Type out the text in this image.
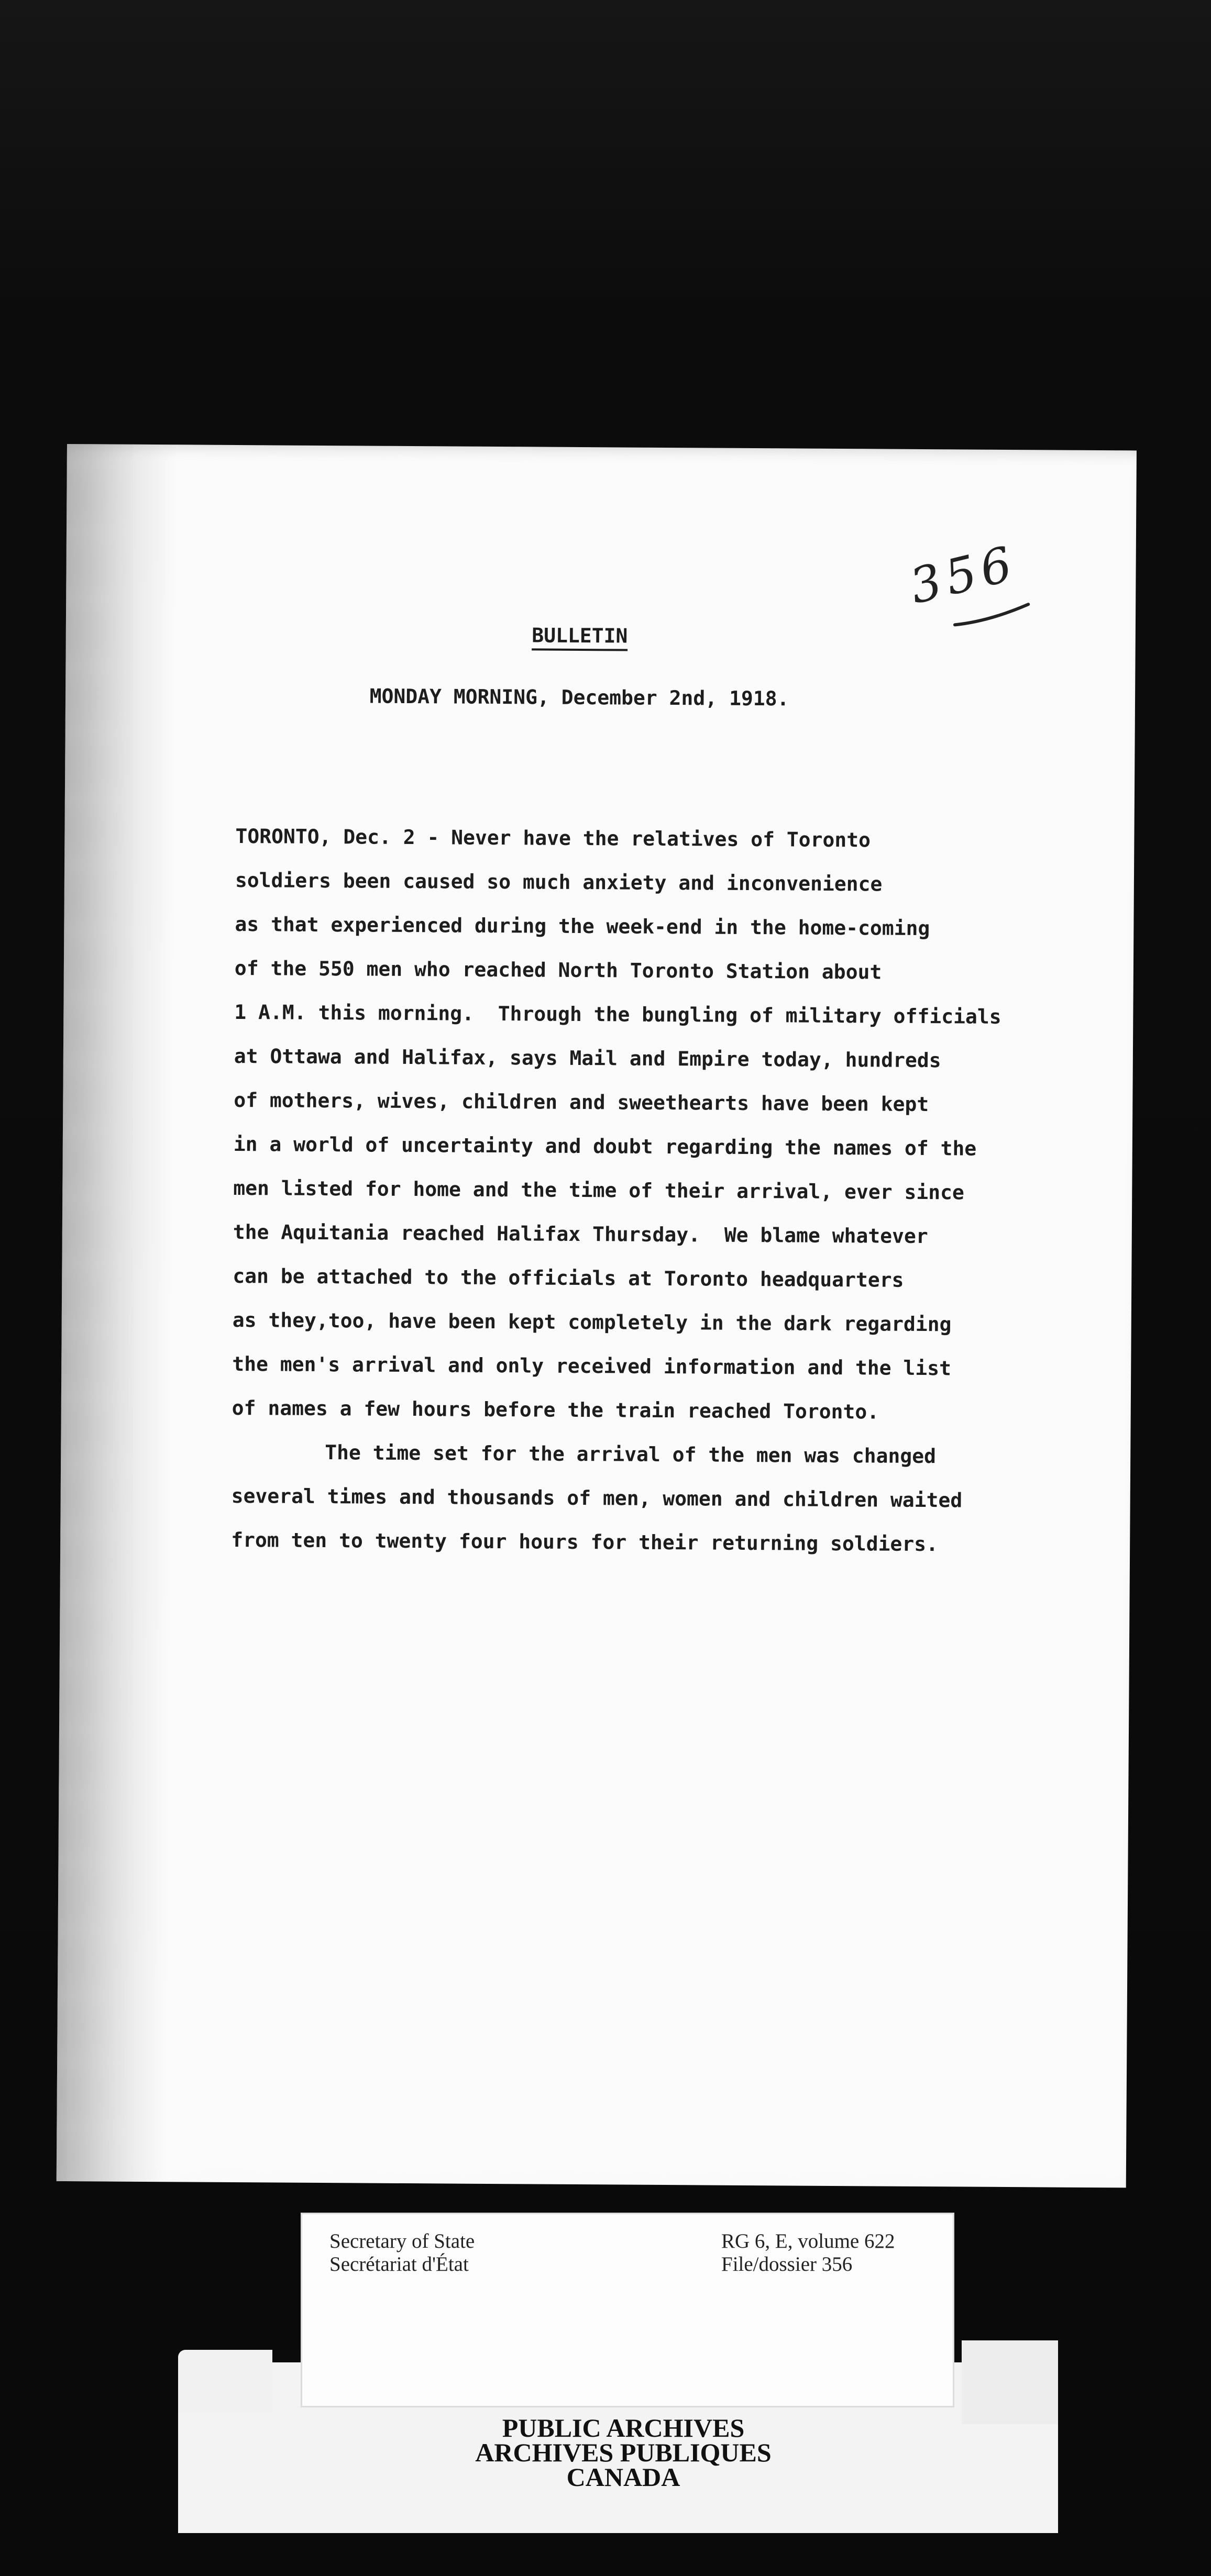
356
BULLETIN
MONDAY MORNING, December 2nd, 1918.
TORONTO, Dec. 2 - Never have the relatives of Toronto
soldiers been caused so much anxiety and inconvenience
as that experienced during the week-end in the home-coming
of the 550 men who reached North Toronto Station about
1 A.M. this morning.  Through the bungling of military officials
at Ottawa and Halifax, says Mail and Empire today, hundreds
of mothers, wives, children and sweethearts have been kept
in a world of uncertainty and doubt regarding the names of the
men listed for home and the time of their arrival, ever since
the Aquitania reached Halifax Thursday.  We blame whatever
can be attached to the officials at Toronto headquarters
as they,too, have been kept completely in the dark regarding
the men's arrival and only received information and the list
of names a few hours before the train reached Toronto.
The time set for the arrival of the men was changed
several times and thousands of men, women and children waited
from ten to twenty four hours for their returning soldiers.
Secretary of State
Secrétariat d'État
RG 6, E, volume 622
File/dossier 356
PUBLIC ARCHIVES
ARCHIVES PUBLIQUES
CANADA
